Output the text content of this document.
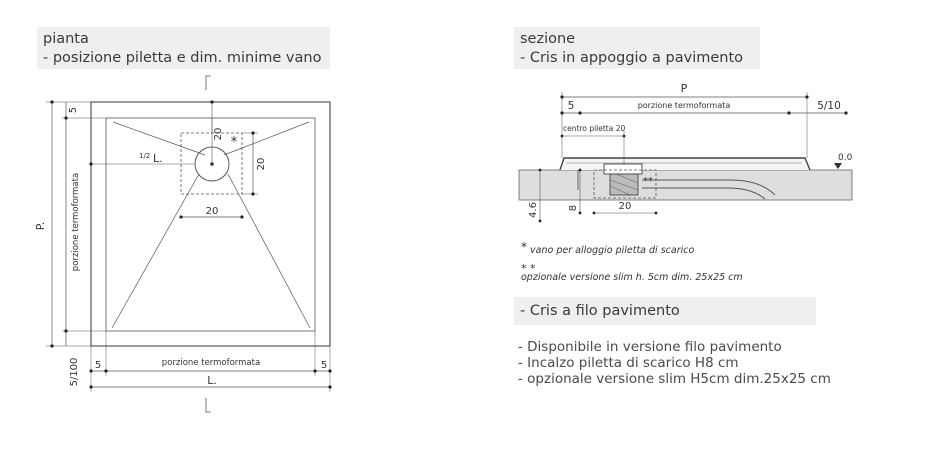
pianta
- posizione piletta e dim. minime vano
sezione
- Cris in appoggio a pavimento
5
P.	porzione termoformata
5/100
20
*
1/2 L.	20
20
5	porzione termoformata	5
L.
P
5	porzione termoformata	5/10
centro piletta 20
0.0
4.6	8	20
**
* vano per alloggio piletta di scarico
* *
opzionale versione slim h. 5cm dim. 25x25 cm
- Cris a filo pavimento
- Disponibile in versione filo pavimento
- Incalzo piletta di scarico H8 cm
- opzionale versione slim H5cm dim.25x25 cm
